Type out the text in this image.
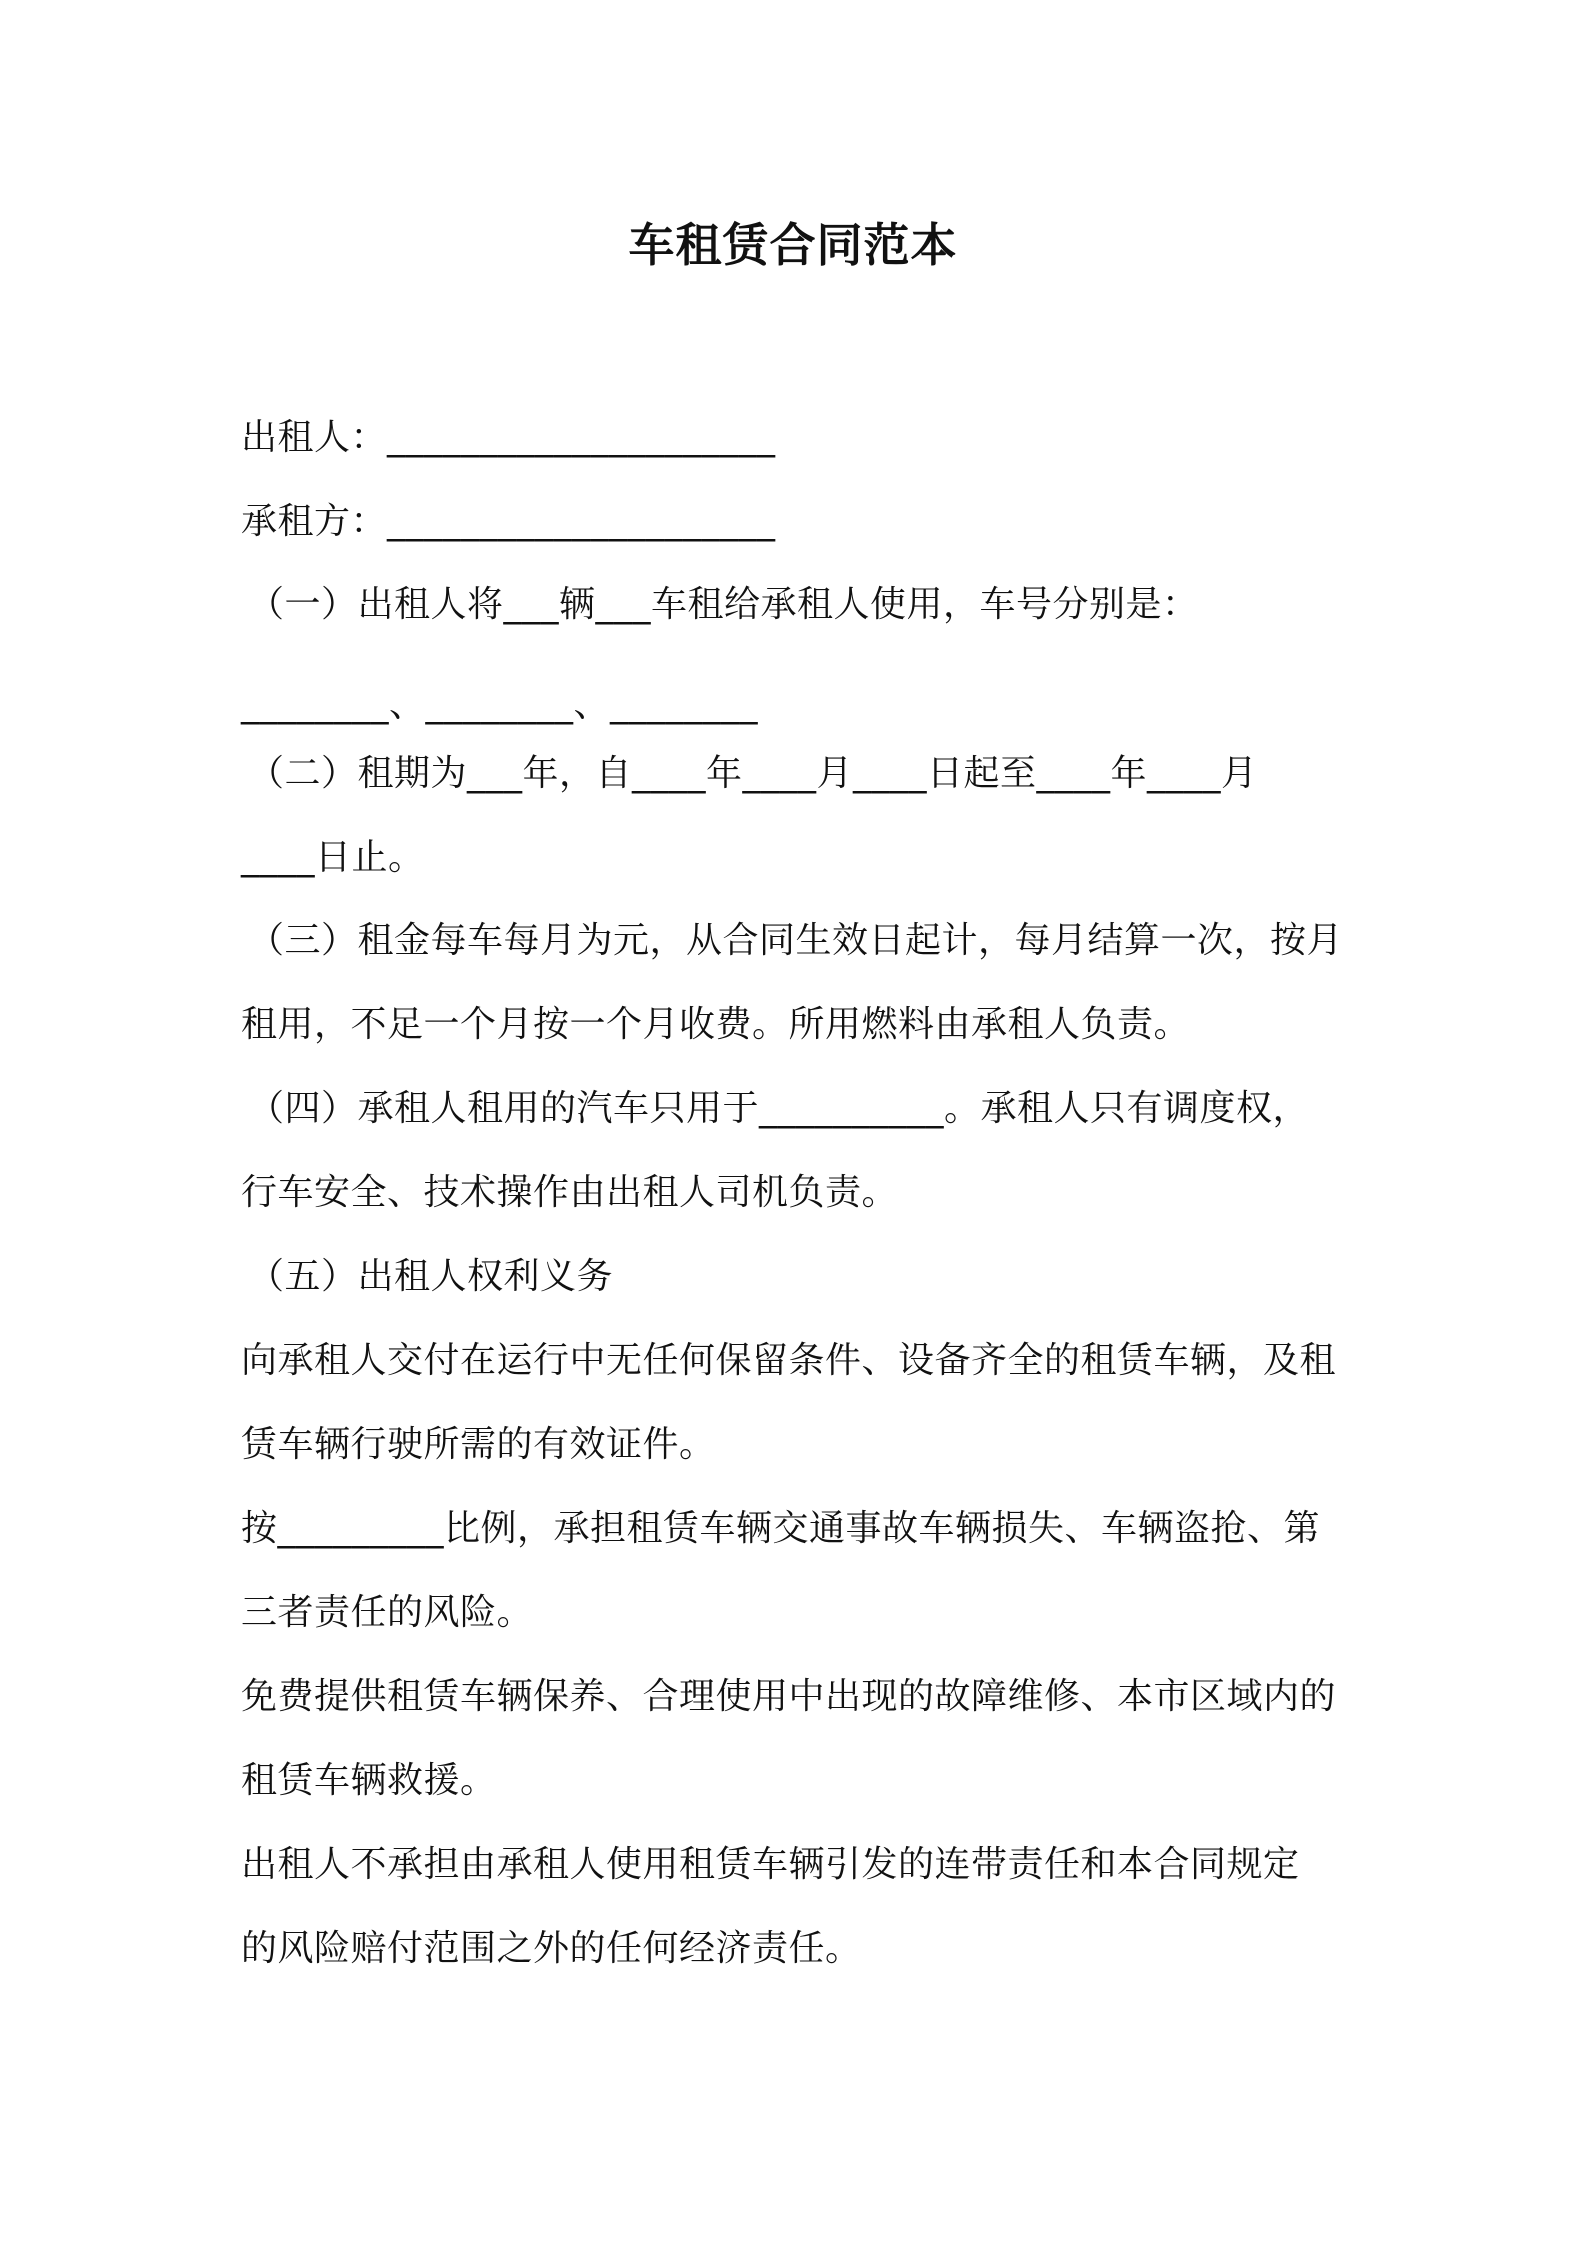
车租赁合同范本
出租人：_____________________
承租方：_____________________
（一）出租人将___辆___车租给承租人使用，车号分别是：
________、________、________
（二）租期为___年，自____年____月____日起至____年____月
____日止。
（三）租金每车每月为元，从合同生效日起计，每月结算一次，按月
租用，不足一个月按一个月收费。所用燃料由承租人负责。
（四）承租人租用的汽车只用于__________。承租人只有调度权，
行车安全、技术操作由出租人司机负责。
（五）出租人权利义务
向承租人交付在运行中无任何保留条件、设备齐全的租赁车辆，及租
赁车辆行驶所需的有效证件。
按_________比例，承担租赁车辆交通事故车辆损失、车辆盗抢、第
三者责任的风险。
免费提供租赁车辆保养、合理使用中出现的故障维修、本市区域内的
租赁车辆救援。
出租人不承担由承租人使用租赁车辆引发的连带责任和本合同规定
的风险赔付范围之外的任何经济责任。
